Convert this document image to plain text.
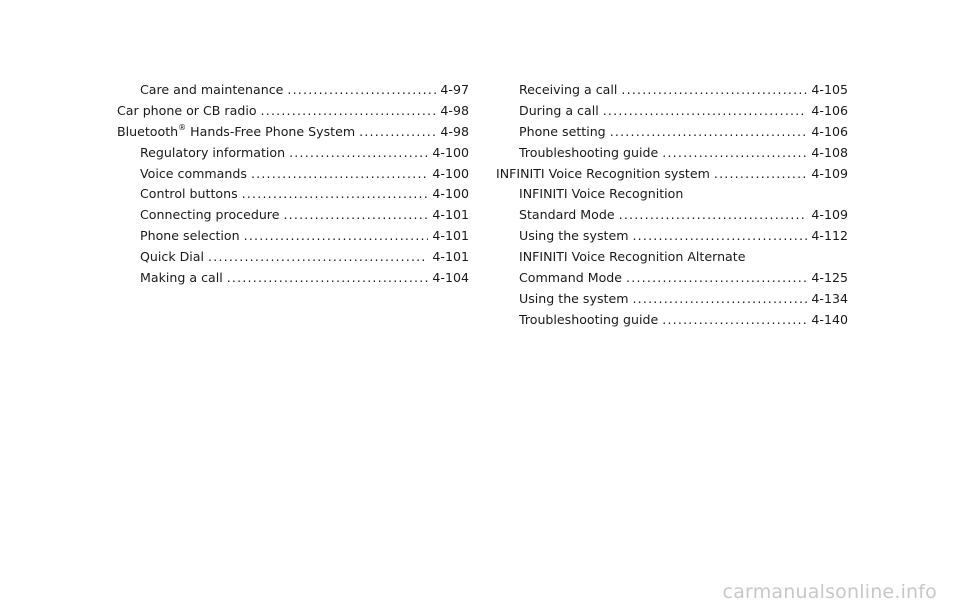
Care and maintenance .....	4-97
Car phone or CB radio .....	4-98
Bluetooth® Hands-Free Phone System .....	4-98
Regulatory information .....	4-100
Voice commands .....	4-100
Control buttons .....	4-100
Connecting procedure .....	4-101
Phone selection .....	4-101
Quick Dial .....	4-101
Making a call .....	4-104
Receiving a call .....	4-105
During a call .....	4-106
Phone setting .....	4-106
Troubleshooting guide .....	4-108
INFINITI Voice Recognition system .....	4-109
INFINITI Voice Recognition
Standard Mode .....	4-109
Using the system .....	4-112
INFINITI Voice Recognition Alternate
Command Mode .....	4-125
Using the system .....	4-134
Troubleshooting guide .....	4-140
carmanualsonline.info
